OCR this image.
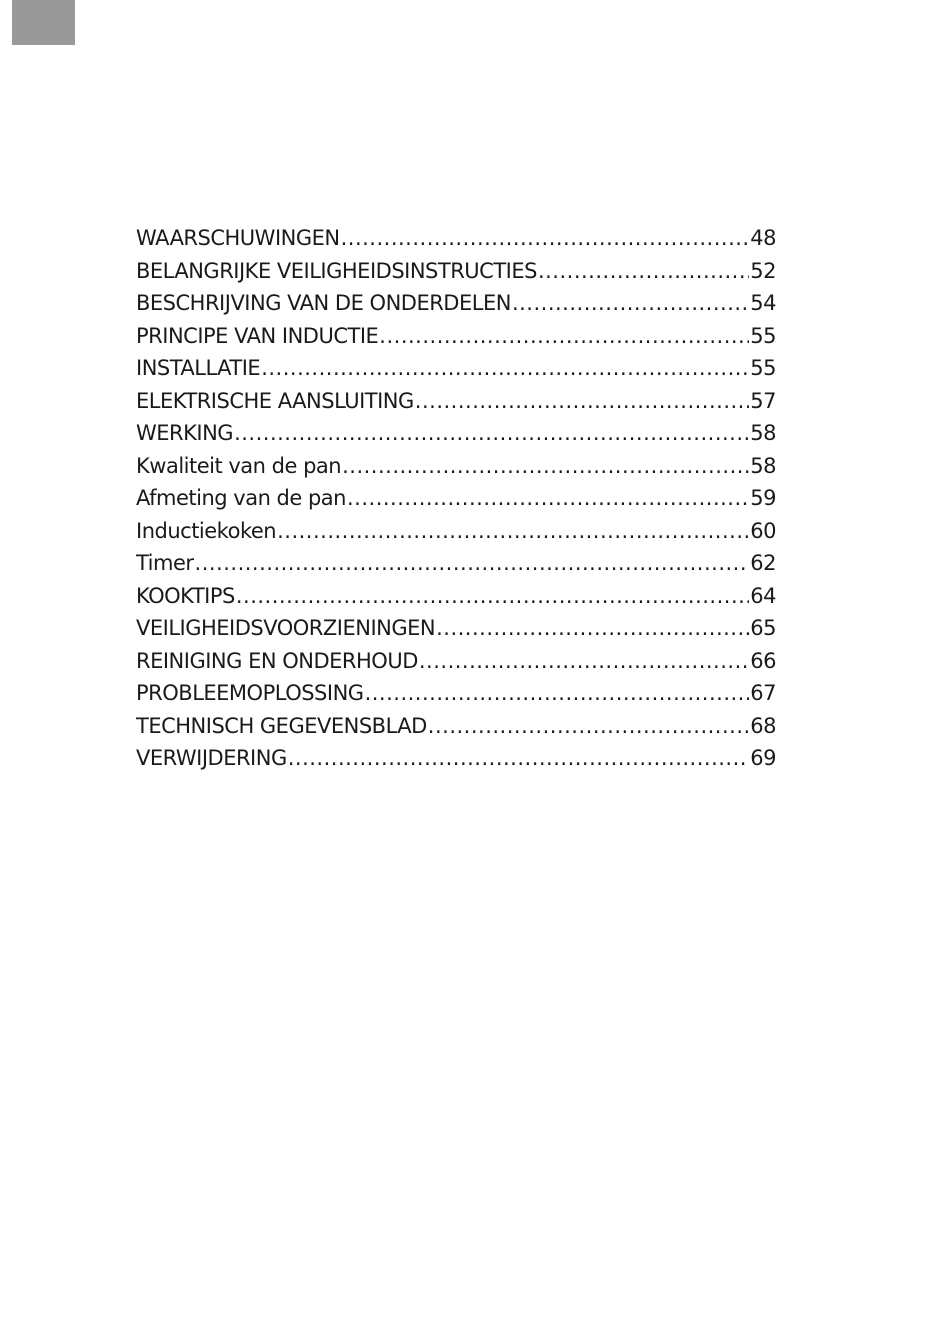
WAARSCHUWINGEN .....	48
BELANGRIJKE VEILIGHEIDSINSTRUCTIES .....	52
BESCHRIJVING VAN DE ONDERDELEN .....	54
PRINCIPE VAN INDUCTIE .....	55
INSTALLATIE .....	55
ELEKTRISCHE AANSLUITING .....	57
WERKING .....	58
Kwaliteit van de pan .....	58
Afmeting van de pan .....	59
Inductiekoken .....	60
Timer .....	62
KOOKTIPS .....	64
VEILIGHEIDSVOORZIENINGEN .....	65
REINIGING EN ONDERHOUD .....	66
PROBLEEMOPLOSSING .....	67
TECHNISCH GEGEVENSBLAD .....	68
VERWIJDERING .....	69
